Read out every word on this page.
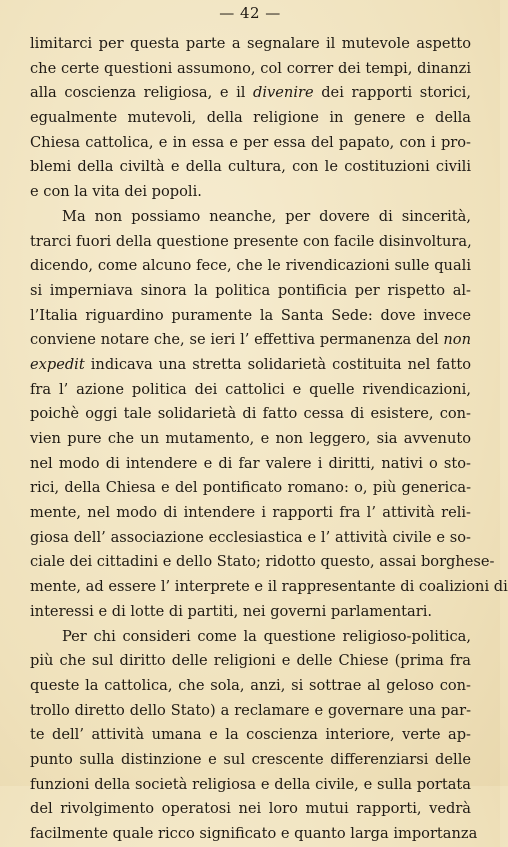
— 42 —
limitarci per questa parte a segnalare il mutevole aspetto
che certe questioni assumono, col correr dei tempi, dinanzi
alla coscienza religiosa, e il divenire dei rapporti storici,
egualmente mutevoli, della religione in genere e della
Chiesa cattolica, e in essa e per essa del papato, con i pro-
blemi della civiltà e della cultura, con le costituzioni civili
e con la vita dei popoli.
Ma non possiamo neanche, per dovere di sincerità,
trarci fuori della questione presente con facile disinvoltura,
dicendo, come alcuno fece, che le rivendicazioni sulle quali
si imperniava sinora la politica pontificia per rispetto al-
l’Italia riguardino puramente la Santa Sede: dove invece
conviene notare che, se ieri l’ effettiva permanenza del non
expedit indicava una stretta solidarietà costituita nel fatto
fra l’ azione politica dei cattolici e quelle rivendicazioni,
poichè oggi tale solidarietà di fatto cessa di esistere, con-
vien pure che un mutamento, e non leggero, sia avvenuto
nel modo di intendere e di far valere i diritti, nativi o sto-
rici, della Chiesa e del pontificato romano: o, più generica-
mente, nel modo di intendere i rapporti fra l’ attività reli-
giosa dell’ associazione ecclesiastica e l’ attività civile e so-
ciale dei cittadini e dello Stato; ridotto questo, assai borghese-
mente, ad essere l’ interprete e il rappresentante di coalizioni di
interessi e di lotte di partiti, nei governi parlamentari.
Per chi consideri come la questione religioso-politica,
più che sul diritto delle religioni e delle Chiese (prima fra
queste la cattolica, che sola, anzi, si sottrae al geloso con-
trollo diretto dello Stato) a reclamare e governare una par-
te dell’ attività umana e la coscienza interiore, verte ap-
punto sulla distinzione e sul crescente differenziarsi delle
funzioni della società religiosa e della civile, e sulla portata
del rivolgimento operatosi nei loro mutui rapporti, vedrà
facilmente quale ricco significato e quanto larga importanza
